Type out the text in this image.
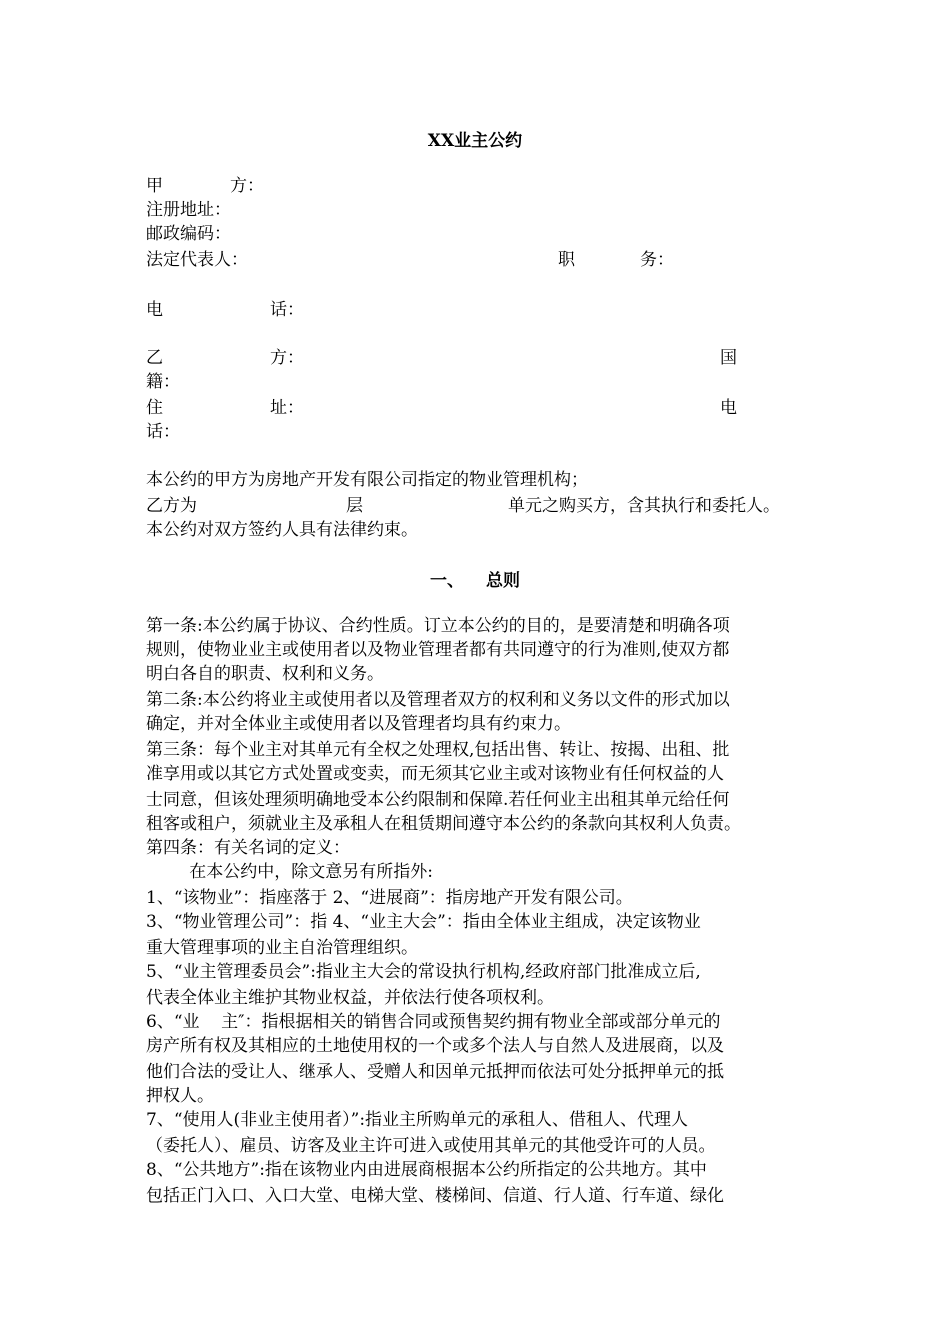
XX业主公约
甲	方：
注册地址：
邮政编码：
法定代表人：	职	务：
电	话：
乙	方：	国
籍：
住	址：	电
话：
本公约的甲方为房地产开发有限公司指定的物业管理机构；
乙方为	层	单元之购买方，含其执行和委托人。
本公约对双方签约人具有法律约束。
一、 总则
第一条:本公约属于协议、合约性质。订立本公约的目的，是要清楚和明确各项
规则，使物业业主或使用者以及物业管理者都有共同遵守的行为准则,使双方都
明白各自的职责、权利和义务。
第二条:本公约将业主或使用者以及管理者双方的权利和义务以文件的形式加以
确定，并对全体业主或使用者以及管理者均具有约束力。
第三条：每个业主对其单元有全权之处理权,包括出售、转让、按揭、出租、批
准享用或以其它方式处置或变卖，而无须其它业主或对该物业有任何权益的人
士同意，但该处理须明确地受本公约限制和保障.若任何业主出租其单元给任何
租客或租户，须就业主及承租人在租赁期间遵守本公约的条款向其权利人负责。
第四条：有关名词的定义：
在本公约中，除文意另有所指外:
1、“该物业”：指座落于 2、“进展商”：指房地产开发有限公司。
3、“物业管理公司”：指 4、“业主大会”：指由全体业主组成，决定该物业
重大管理事项的业主自治管理组织。
5、“业主管理委员会”:指业主大会的常设执行机构,经政府部门批准成立后,
代表全体业主维护其物业权益，并依法行使各项权利。
6、“业    主″：指根据相关的销售合同或预售契约拥有物业全部或部分单元的
房产所有权及其相应的土地使用权的一个或多个法人与自然人及进展商，以及
他们合法的受让人、继承人、受赠人和因单元抵押而依法可处分抵押单元的抵
押权人。
7、“使用人(非业主使用者）”:指业主所购单元的承租人、借租人、代理人
（委托人）、雇员、访客及业主许可进入或使用其单元的其他受许可的人员。
8、“公共地方”:指在该物业内由进展商根据本公约所指定的公共地方。其中
包括正门入口、入口大堂、电梯大堂、楼梯间、信道、行人道、行车道、绿化
